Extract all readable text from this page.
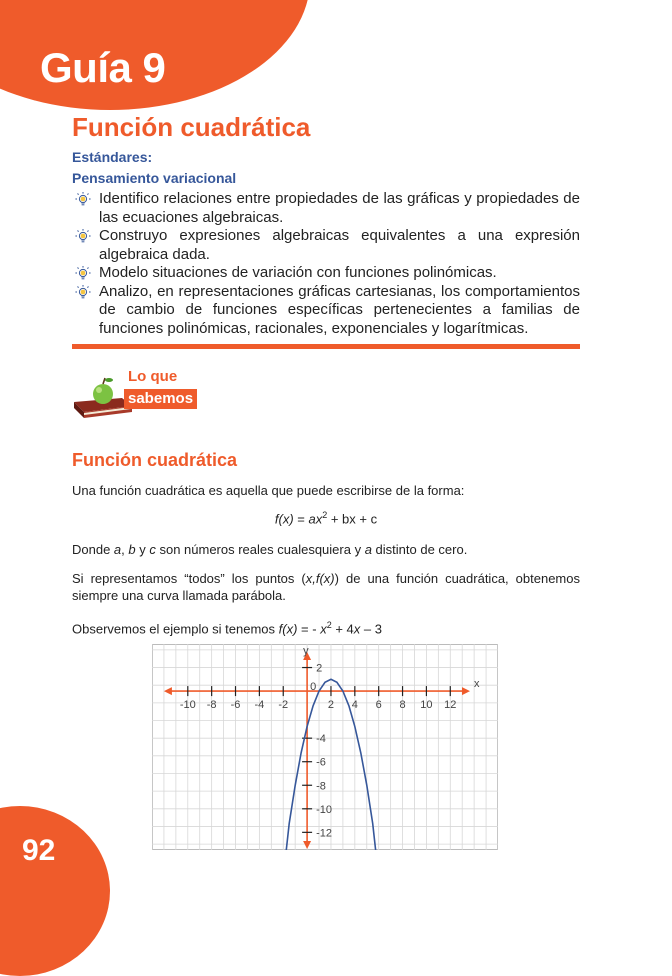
Guía 9
Función cuadrática
Estándares:
Pensamiento variacional
Identifico relaciones entre propiedades de las gráficas y propiedades de las ecuaciones algebraicas.
Construyo expresiones algebraicas equivalentes a una expresión algebraica dada.
Modelo situaciones de variación con funciones polinómicas.
Analizo, en representaciones gráficas cartesianas, los comportamientos de cambio de funciones específicas pertenecientes a familias de funciones polinómicas, racionales, exponenciales y logarítmicas.
Lo que
sabemos
Función cuadrática

Una función cuadrática es aquella que puede escribirse de la forma:

$f(x) = ax^2$ + bx + c

Donde a, b y c son números reales cualesquiera y a distinto de cero.

Si representamos “todos” los puntos (x,f(x)) de una función cuadrática, obtenemos siempre una curva llamada parábola.

Observemos el ejemplo si tenemos f(x) = - $x^2 + 4x - 3$

x
y
-10 -8 -6 -4 -2	2 4 6 8 10 12
2
-4
-6
-8
-10
-12
0
92
